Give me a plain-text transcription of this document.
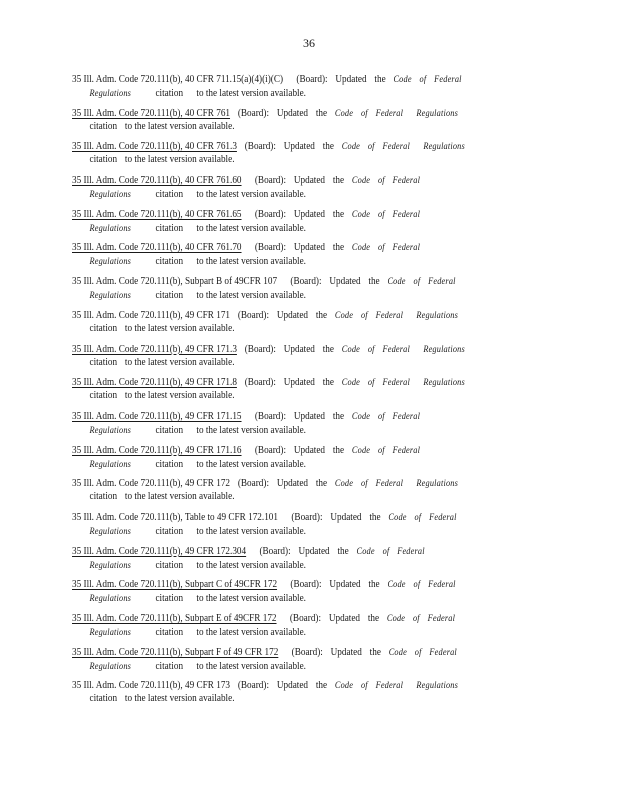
36
35 Ill. Adm. Code 720.111(b), 40 CFR 711.15(a)(4)(i)(C) (Board): Updated the Code of Federal
Regulations citation to the latest version available.
35 Ill. Adm. Code 720.111(b), 40 CFR 761 (Board): Updated the Code of Federal Regulations
citation to the latest version available.
35 Ill. Adm. Code 720.111(b), 40 CFR 761.3 (Board): Updated the Code of Federal Regulations
citation to the latest version available.
35 Ill. Adm. Code 720.111(b), 40 CFR 761.60 (Board): Updated the Code of Federal
Regulations citation to the latest version available.
35 Ill. Adm. Code 720.111(b), 40 CFR 761.65 (Board): Updated the Code of Federal
Regulations citation to the latest version available.
35 Ill. Adm. Code 720.111(b), 40 CFR 761.70 (Board): Updated the Code of Federal
Regulations citation to the latest version available.
35 Ill. Adm. Code 720.111(b), Subpart B of 49CFR 107 (Board): Updated the Code of Federal
Regulations citation to the latest version available.
35 Ill. Adm. Code 720.111(b), 49 CFR 171 (Board): Updated the Code of Federal Regulations
citation to the latest version available.
35 Ill. Adm. Code 720.111(b), 49 CFR 171.3 (Board): Updated the Code of Federal Regulations
citation to the latest version available.
35 Ill. Adm. Code 720.111(b), 49 CFR 171.8 (Board): Updated the Code of Federal Regulations
citation to the latest version available.
35 Ill. Adm. Code 720.111(b), 49 CFR 171.15 (Board): Updated the Code of Federal
Regulations citation to the latest version available.
35 Ill. Adm. Code 720.111(b), 49 CFR 171.16 (Board): Updated the Code of Federal
Regulations citation to the latest version available.
35 Ill. Adm. Code 720.111(b), 49 CFR 172 (Board): Updated the Code of Federal Regulations
citation to the latest version available.
35 Ill. Adm. Code 720.111(b), Table to 49 CFR 172.101 (Board): Updated the Code of Federal
Regulations citation to the latest version available.
35 Ill. Adm. Code 720.111(b), 49 CFR 172.304 (Board): Updated the Code of Federal
Regulations citation to the latest version available.
35 Ill. Adm. Code 720.111(b), Subpart C of 49CFR 172 (Board): Updated the Code of Federal
Regulations citation to the latest version available.
35 Ill. Adm. Code 720.111(b), Subpart E of 49CFR 172 (Board): Updated the Code of Federal
Regulations citation to the latest version available.
35 Ill. Adm. Code 720.111(b), Subpart F of 49 CFR 172 (Board): Updated the Code of Federal
Regulations citation to the latest version available.
35 Ill. Adm. Code 720.111(b), 49 CFR 173 (Board): Updated the Code of Federal Regulations
citation to the latest version available.
